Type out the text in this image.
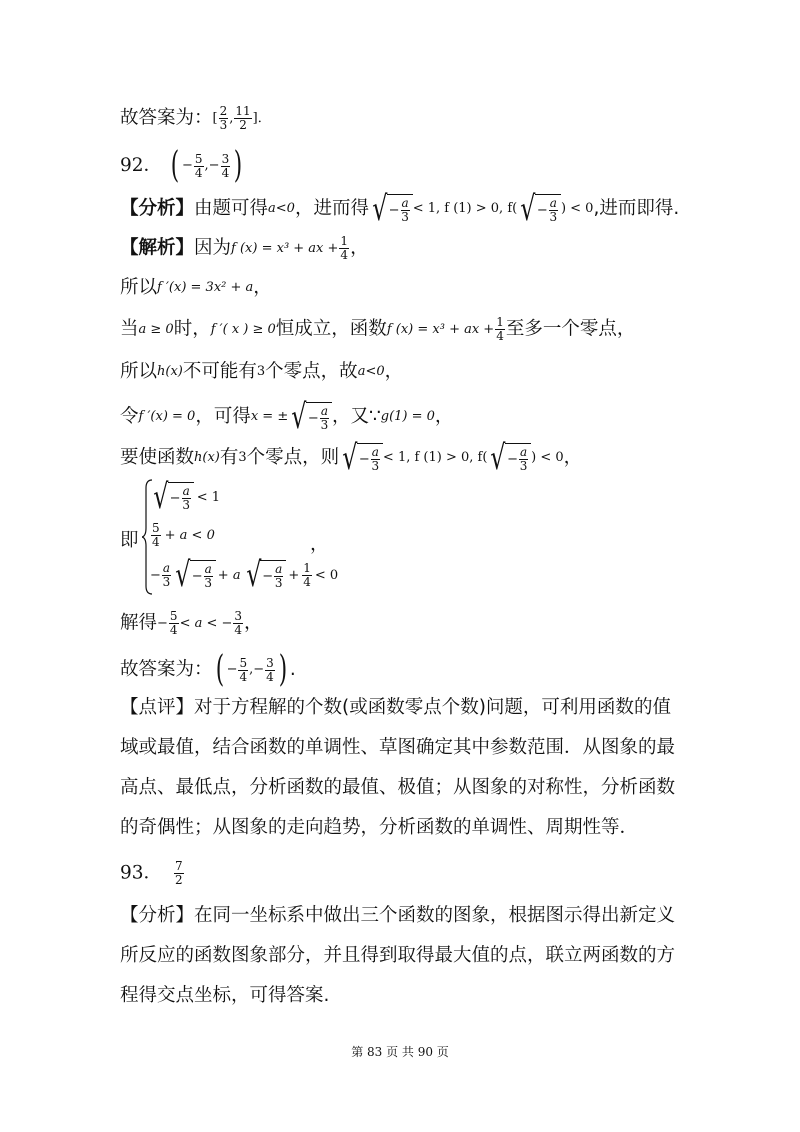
故答案为：[ $\frac{2}{3}$ , $\frac{11}{2}$ ]．
92． ( − $\frac{5}{4}$ ,− $\frac{3}{4}$ )
【分析】由题可得a<0，进而得 √ − $\frac{a}{3} < 1$, f (1) > 0, f( √ − $\frac{a}{3}$ ) < 0,进而即得.
【解析】因为f (x) = x³ + ax + $\frac{1}{4}$ ，
所以f ′(x) = 3x² + a，
当a ≥ 0时，f ′( x ) ≥ 0恒成立，函数f (x) = x³ + ax + $\frac{1}{4}$ 至多一个零点，
所以h(x)不可能有3个零点，故a<0，
令f ′(x) = 0，可得x = ± √ − $\frac{a}{3}$ ，又∵g(1) = 0，
要使函数h(x)有3个零点，则 √ − $\frac{a}{3} < 1$, f (1) > 0, f( √ − $\frac{a}{3}$ ) < 0，
即
√ − $\frac{a}{3} < 1$
5
4 + a < 0
− $\frac{a}{3}$ √ − $\frac{a}{3} + a$ √ − $\frac{a}{3} + \frac{1}{4} < 0$
，
解得− $\frac{5}{4} < a$ < − $\frac{3}{4}$ ，
故答案为：( − $\frac{5}{4}$ ,− $\frac{3}{4}$ ) .
【点评】对于方程解的个数(或函数零点个数)问题，可利用函数的值域或最值，结合函数的单调性、草图确定其中参数范围．从图象的最高点、最低点，分析函数的最值、极值；从图象的对称性，分析函数的奇偶性；从图象的走向趋势，分析函数的单调性、周期性等．
93． $\frac{7}{2}$
【分析】在同一坐标系中做出三个函数的图象，根据图示得出新定义所反应的函数图象部分，并且得到取得最大值的点，联立两函数的方程得交点坐标，可得答案.
第 83 页 共 90 页
